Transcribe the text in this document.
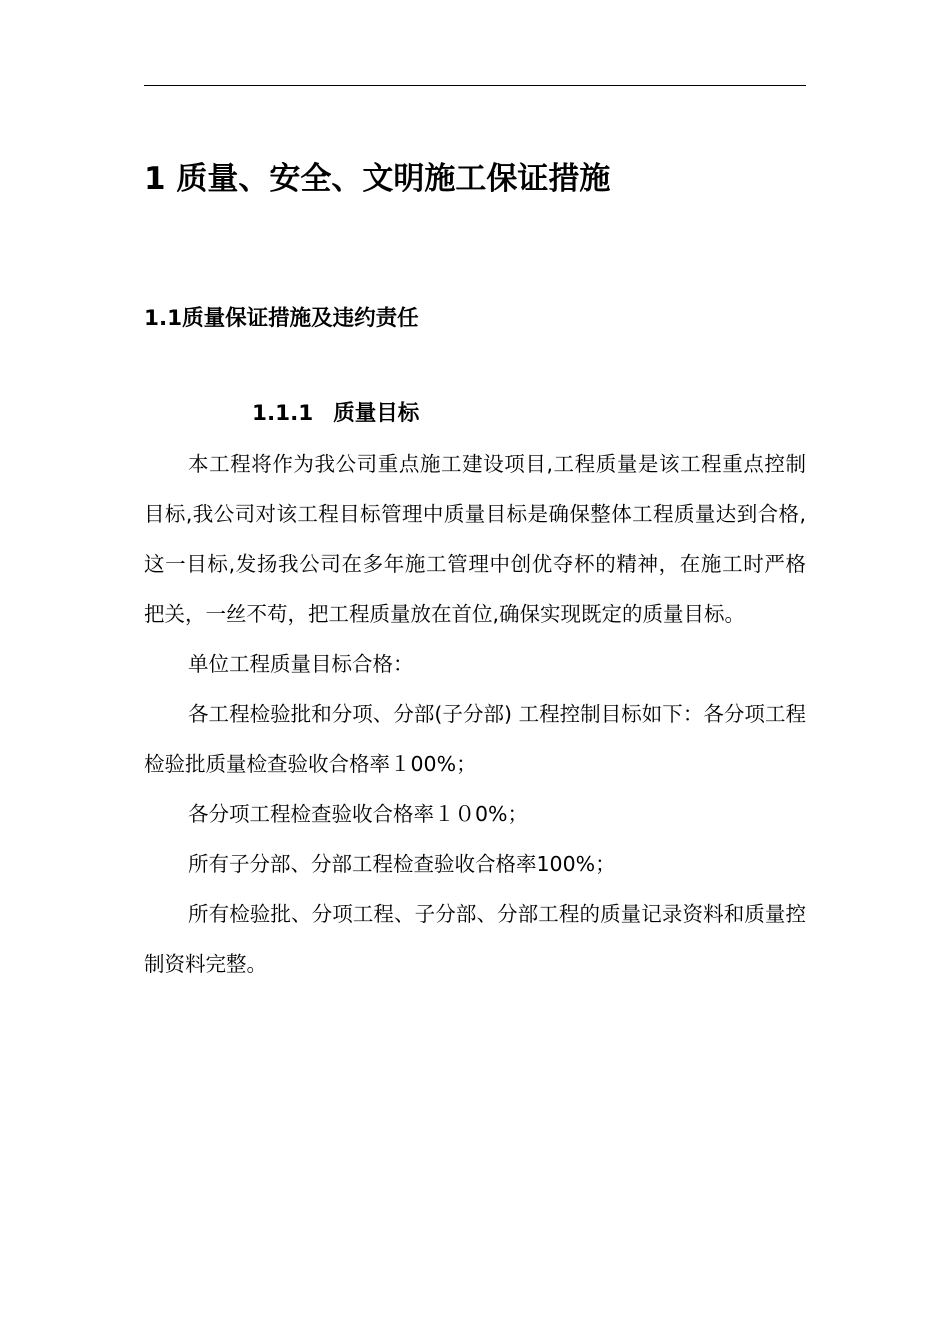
1 质量、安全、文明施工保证措施
1.1质量保证措施及违约责任
1.1.1 质量目标

本工程将作为我公司重点施工建设项目,工程质量是该工程重点控制目标,我公司对该工程目标管理中质量目标是确保整体工程质量达到合格,这一目标,发扬我公司在多年施工管理中创优夺杯的精神，在施工时严格把关，一丝不苟，把工程质量放在首位,确保实现既定的质量目标。

单位工程质量目标合格：

各工程检验批和分项、分部(子分部) 工程控制目标如下：各分项工程检验批质量检查验收合格率１00%；

各分项工程检查验收合格率１０0%；

所有子分部、分部工程检查验收合格率100%；

所有检验批、分项工程、子分部、分部工程的质量记录资料和质量控制资料完整。
